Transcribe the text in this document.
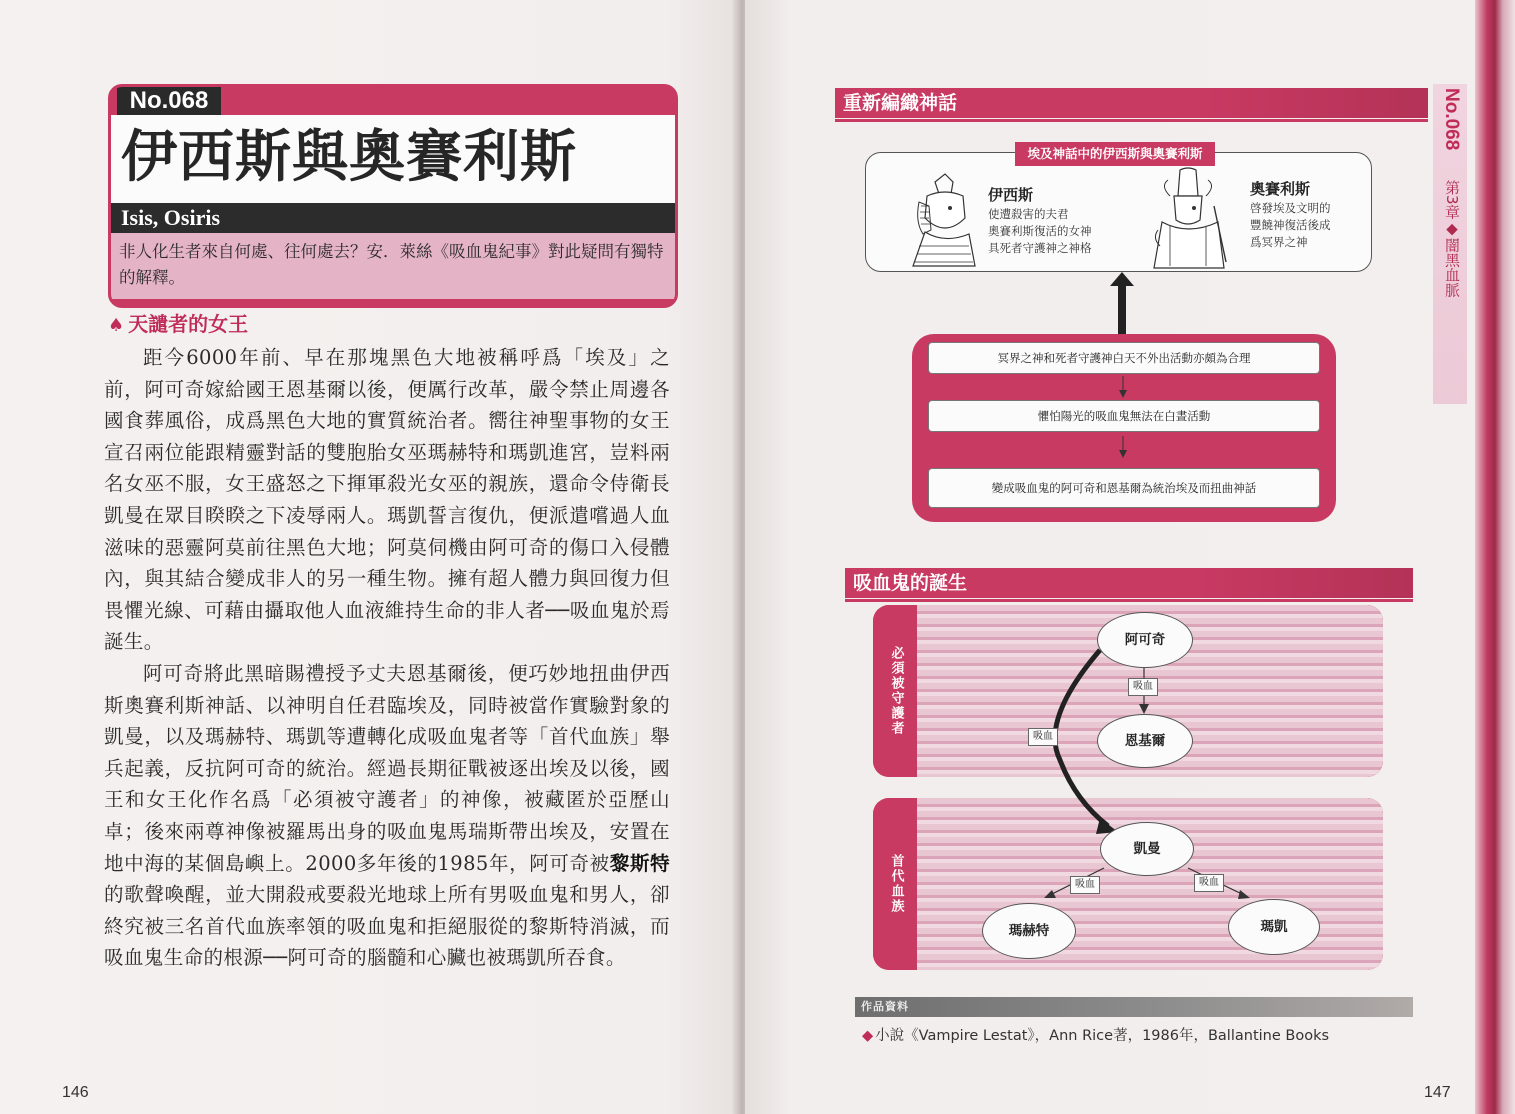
No.068
伊西斯與奧賽利斯
Isis, Osiris
非人化生者來自何處、往何處去？安．萊絲《吸血鬼紀事》對此疑問有獨特的解釋。
♠ 天譴者的女王

距今6000年前、早在那塊黑色大地被稱呼爲「埃及」之前，阿可奇嫁給國王恩基爾以後，便厲行改革，嚴令禁止周邊各國食葬風俗，成爲黑色大地的實質統治者。嚮往神聖事物的女王宣召兩位能跟精靈對話的雙胞胎女巫瑪赫特和瑪凱進宮，豈料兩名女巫不服，女王盛怒之下揮軍殺光女巫的親族，還命令侍衛長凱曼在眾目睽睽之下凌辱兩人。瑪凱誓言復仇，便派遣嚐過人血滋味的惡靈阿莫前往黑色大地；阿莫伺機由阿可奇的傷口入侵體內，與其結合變成非人的另一種生物。擁有超人體力與回復力但畏懼光線、可藉由攝取他人血液維持生命的非人者──吸血鬼於焉誕生。

阿可奇將此黑暗賜禮授予丈夫恩基爾後，便巧妙地扭曲伊西斯奧賽利斯神話、以神明自任君臨埃及，同時被當作實驗對象的凱曼，以及瑪赫特、瑪凱等遭轉化成吸血鬼者等「首代血族」舉兵起義，反抗阿可奇的統治。經過長期征戰被逐出埃及以後，國王和女王化作名爲「必須被守護者」的神像，被藏匿於亞歷山卓；後來兩尊神像被羅馬出身的吸血鬼馬瑞斯帶出埃及，安置在地中海的某個島嶼上。2000多年後的1985年，阿可奇被黎斯特的歌聲喚醒，並大開殺戒要殺光地球上所有男吸血鬼和男人，卻終究被三名首代血族率領的吸血鬼和拒絕服從的黎斯特消滅，而吸血鬼生命的根源──阿可奇的腦髓和心臟也被瑪凱所吞食。

146
重新編織神話
埃及神話中的伊西斯與奧賽利斯
伊西斯
使遭殺害的夫君
奧賽利斯復活的女神
具死者守護神之神格
奧賽利斯
啓發埃及文明的
豐饒神復活後成
爲冥界之神
冥界之神和死者守護神白天不外出活動亦頗為合理
懼怕陽光的吸血鬼無法在白晝活動
變成吸血鬼的阿可奇和恩基爾為統治埃及而扭曲神話
吸血鬼的誕生
必須被守護者
首代血族
阿可奇
吸血
恩基爾
吸血
凱曼
吸血	吸血
瑪赫特	瑪凱
作品資料
◆ 小說《Vampire Lestat》，Ann Rice著，1986年，Ballantine Books
147
No.068
第3章◆闇黑血脈
